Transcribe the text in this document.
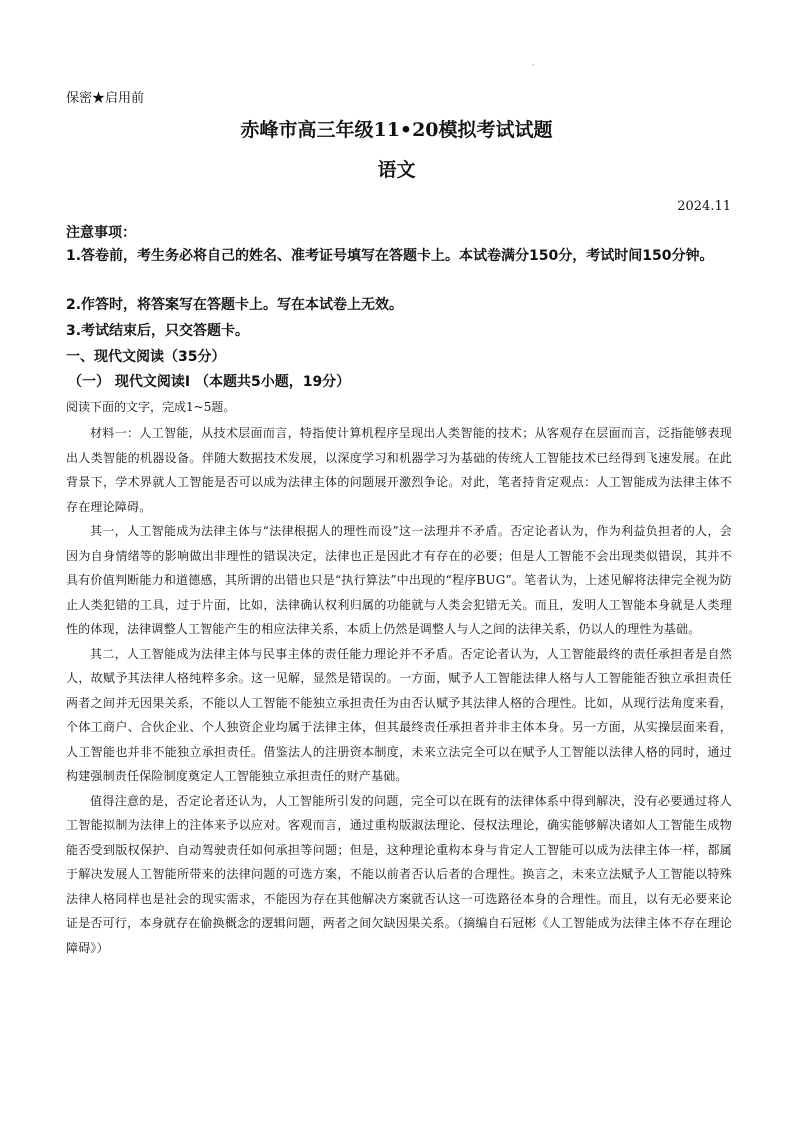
·
保密★启用前
赤峰市高三年级11•20模拟考试试题
语文
2024.11
注意事项：
1.答卷前，考生务必将自己的姓名、准考证号填写在答题卡上。本试卷满分150分，考试时间150分钟。
2.作答时，将答案写在答题卡上。写在本试卷上无效。
3.考试结束后，只交答题卡。
一、现代文阅读（35分）
（一） 现代文阅读Ⅰ （本题共5小题，19分）
阅读下面的文字，完成1~5题。

材料一：人工智能，从技术层面而言，特指使计算机程序呈现出人类智能的技术；从客观存在层面而言，泛指能够表现出人类智能的机器设备。伴随大数据技术发展，以深度学习和机器学习为基础的传统人工智能技术已经得到飞速发展。在此背景下，学术界就人工智能是否可以成为法律主体的问题展开激烈争论。对此，笔者持肯定观点：人工智能成为法律主体不存在理论障碍。

其一，人工智能成为法律主体与“法律根据人的理性而设”这一法理并不矛盾。否定论者认为，作为利益负担者的人，会因为自身情绪等的影响做出非理性的错误决定，法律也正是因此才有存在的必要；但是人工智能不会出现类似错误，其并不具有价值判断能力和道德感，其所谓的出错也只是“执行算法”中出现的“程序BUG”。笔者认为，上述见解将法律完全视为防止人类犯错的工具，过于片面，比如，法律确认权利归属的功能就与人类会犯错无关。而且，发明人工智能本身就是人类理性的体现，法律调整人工智能产生的相应法律关系，本质上仍然是调整人与人之间的法律关系，仍以人的理性为基础。

其二，人工智能成为法律主体与民事主体的责任能力理论并不矛盾。否定论者认为，人工智能最终的责任承担者是自然人，故赋予其法律人格纯粹多余。这一见解，显然是错误的。一方面，赋予人工智能法律人格与人工智能能否独立承担责任两者之间并无因果关系，不能以人工智能不能独立承担责任为由否认赋予其法律人格的合理性。比如，从现行法角度来看，个体工商户、合伙企业、个人独资企业均属于法律主体，但其最终责任承担者并非主体本身。另一方面，从实操层面来看，人工智能也并非不能独立承担责任。借鉴法人的注册资本制度，未来立法完全可以在赋予人工智能以法律人格的同时，通过构建强制责任保险制度奠定人工智能独立承担责任的财产基础。

值得注意的是，否定论者还认为，人工智能所引发的问题，完全可以在既有的法律体系中得到解决，没有必要通过将人工智能拟制为法律上的注体来予以应对。客观而言，通过重构版淑法理论、侵权法理论，确实能够解决诸如人工智能生成物能否受到版权保护、自动驾驶责任如何承担等问题；但是，这种理论重构本身与肯定人工智能可以成为法律主体一样，都属于解决发展人工智能所带来的法律问题的可选方案，不能以前者否认后者的合理性。换言之，未来立法赋予人工智能以特殊法律人格同样也是社会的现实需求，不能因为存在其他解决方案就否认这一可选路径本身的合理性。而且，以有无必要来论证是否可行，本身就存在偷换概念的逻辑问题，两者之间欠缺因果关系。（摘编自石冠彬《人工智能成为法律主体不存在理论障碍》）
